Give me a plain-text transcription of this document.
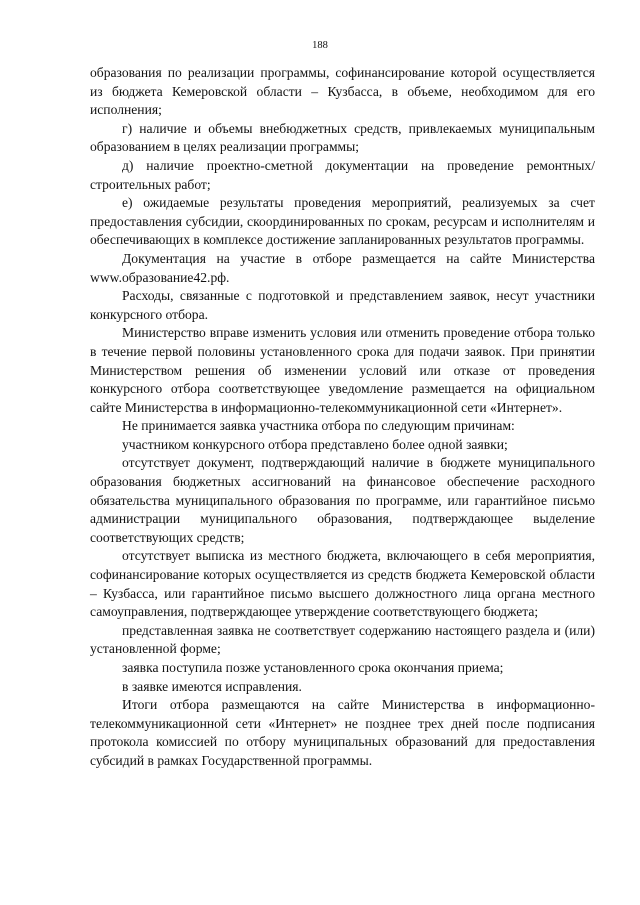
188

образования по реализации программы, софинансирование которой осуществляется из бюджета Кемеровской области – Кузбасса, в объеме, необходимом для его исполнения;

г) наличие и объемы внебюджетных средств, привлекаемых муниципальным образованием в целях реализации программы;

д) наличие проектно-сметной документации на проведение ремонтных/строительных работ;

е) ожидаемые результаты проведения мероприятий, реализуемых за счет предоставления субсидии, скоординированных по срокам, ресурсам и исполнителям и обеспечивающих в комплексе достижение запланированных результатов программы.

Документация на участие в отборе размещается на сайте Министерства www.образование42.рф.

Расходы, связанные с подготовкой и представлением заявок, несут участники конкурсного отбора.

Министерство вправе изменить условия или отменить проведение отбора только в течение первой половины установленного срока для подачи заявок. При принятии Министерством решения об изменении условий или отказе от проведения конкурсного отбора соответствующее уведомление размещается на официальном сайте Министерства в информационно-телекоммуникационной сети «Интернет».

Не принимается заявка участника отбора по следующим причинам:

участником конкурсного отбора представлено более одной заявки;

отсутствует документ, подтверждающий наличие в бюджете муниципального образования бюджетных ассигнований на финансовое обеспечение расходного обязательства муниципального образования по программе, или гарантийное письмо администрации муниципального образования, подтверждающее выделение соответствующих средств;

отсутствует выписка из местного бюджета, включающего в себя мероприятия, софинансирование которых осуществляется из средств бюджета Кемеровской области – Кузбасса, или гарантийное письмо высшего должностного лица органа местного самоуправления, подтверждающее утверждение соответствующего бюджета;

представленная заявка не соответствует содержанию настоящего раздела и (или) установленной форме;

заявка поступила позже установленного срока окончания приема;

в заявке имеются исправления.

Итоги отбора размещаются на сайте Министерства в информационно-телекоммуникационной сети «Интернет» не позднее трех дней после подписания протокола комиссией по отбору муниципальных образований для предоставления субсидий в рамках Государственной программы.
